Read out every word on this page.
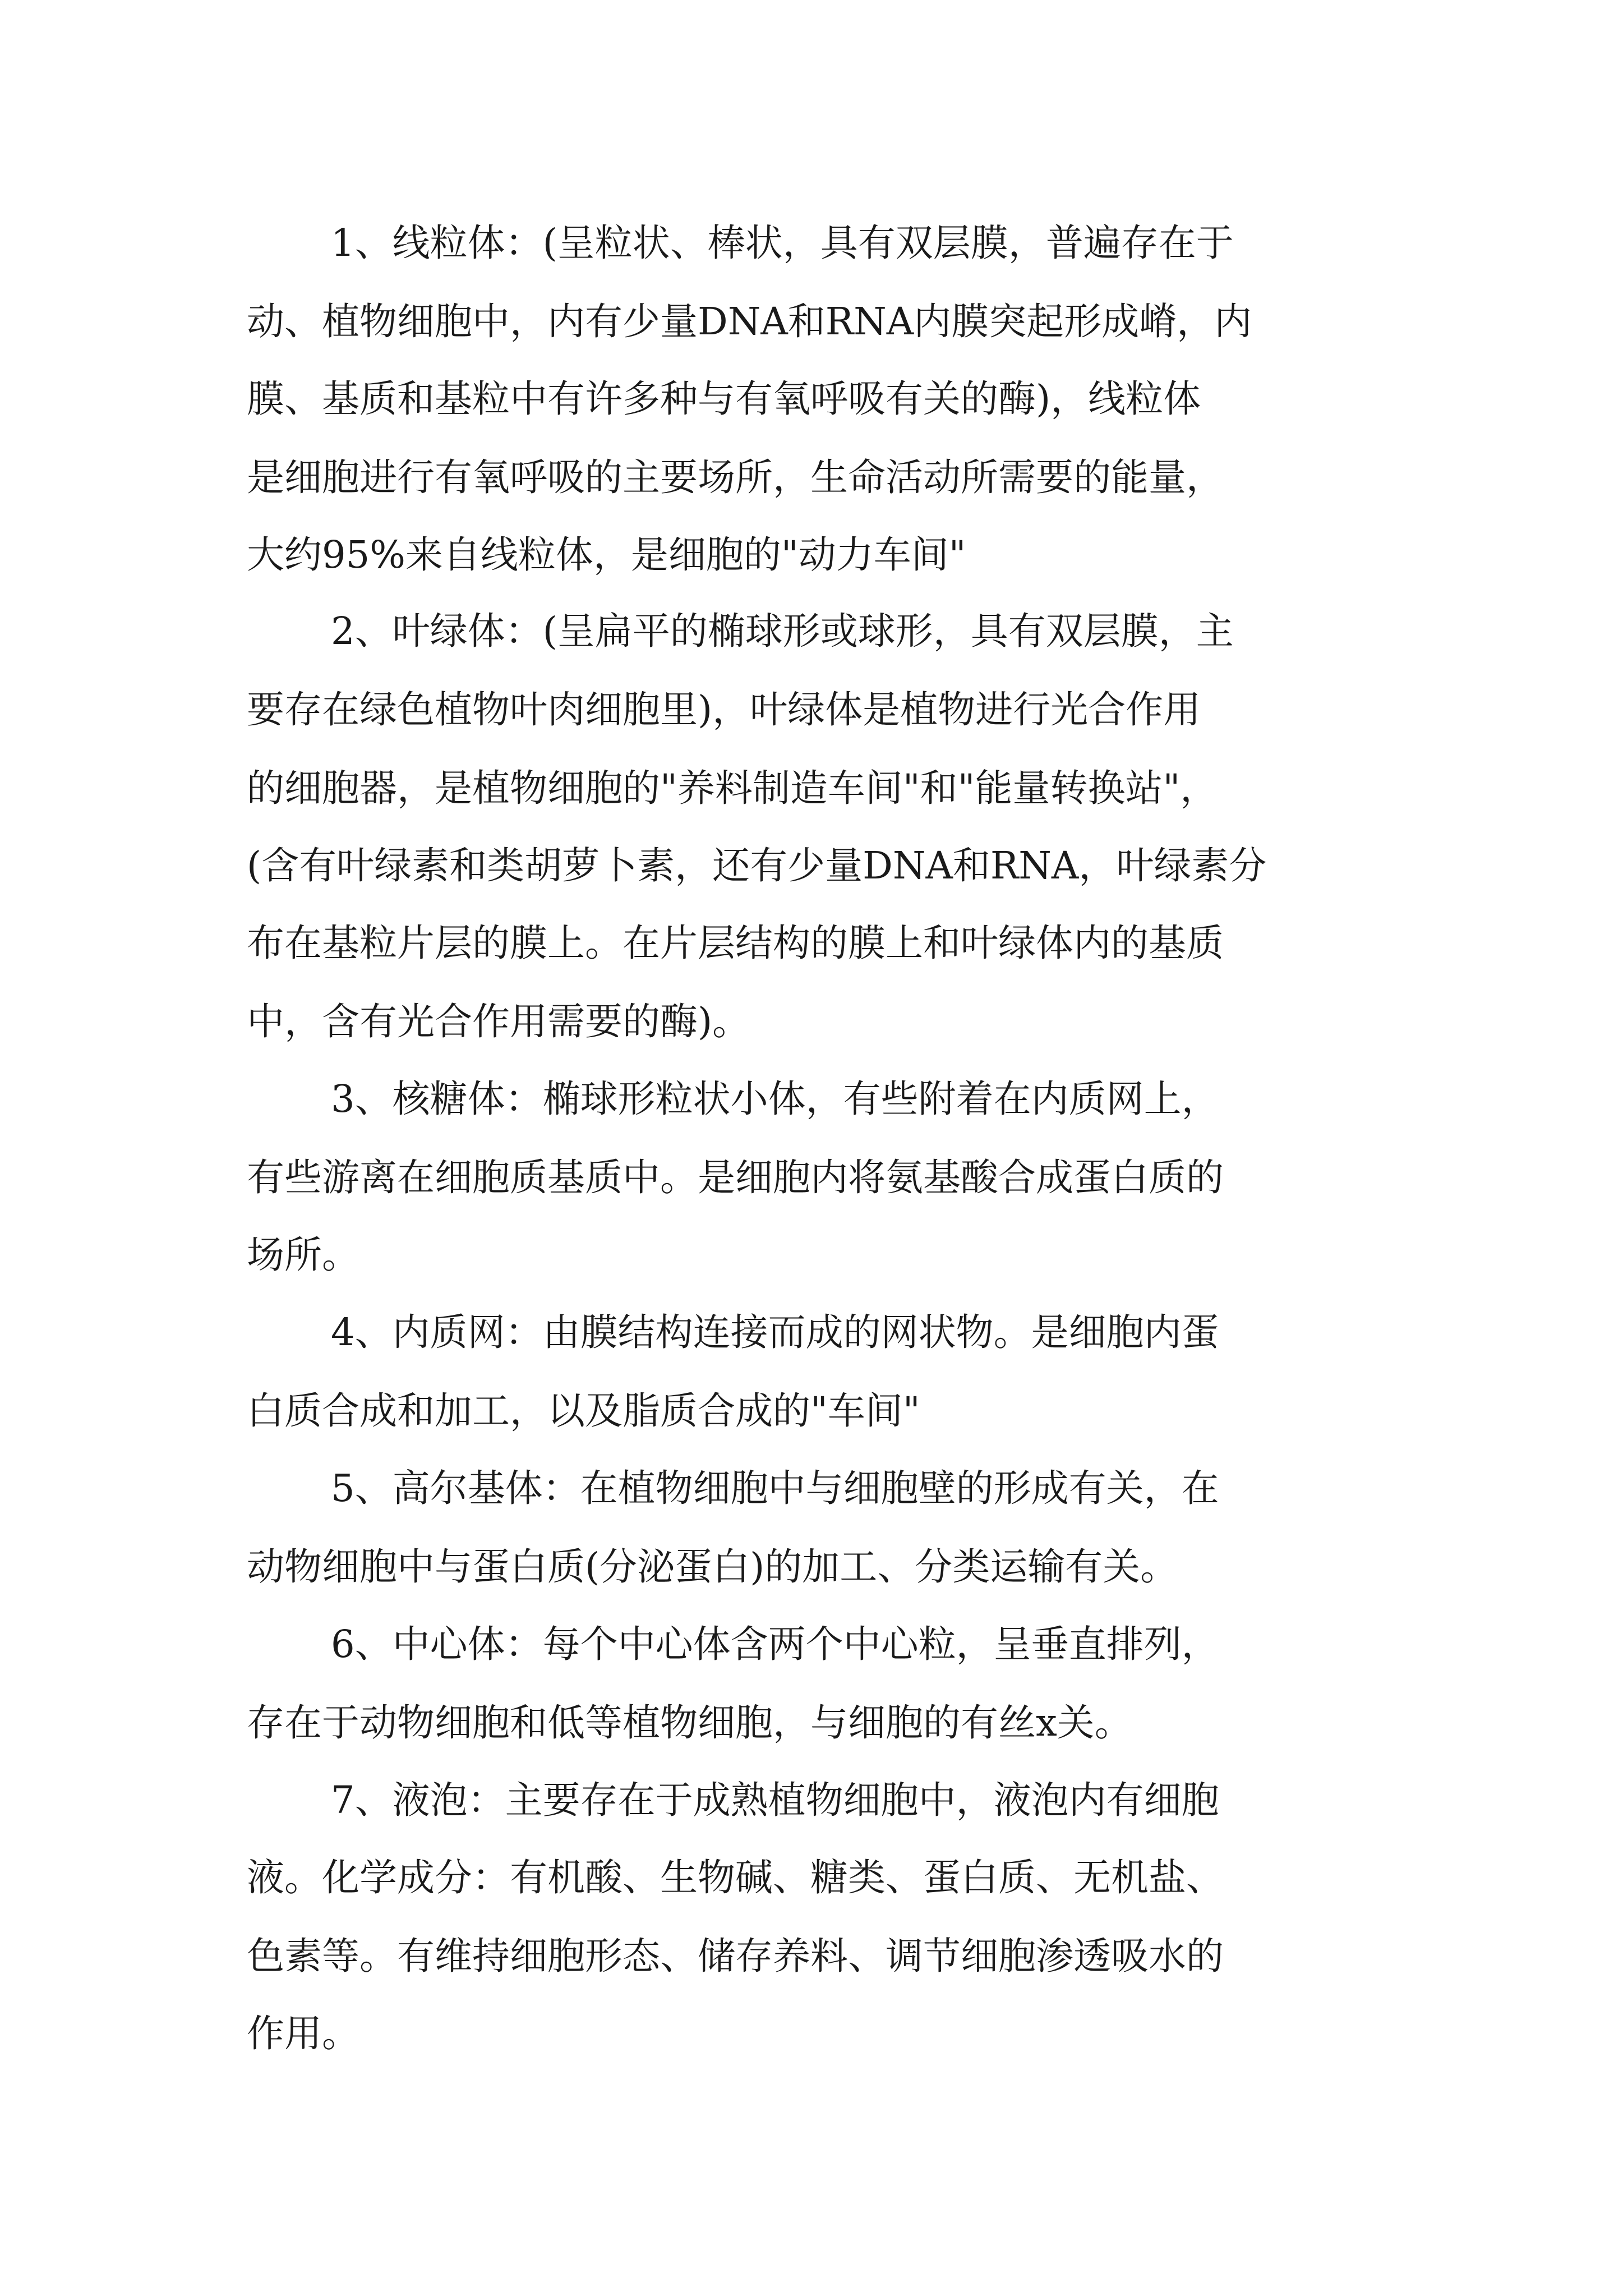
1、线粒体：(呈粒状、棒状，具有双层膜，普遍存在于
动、植物细胞中，内有少量DNA和RNA内膜突起形成嵴，内
膜、基质和基粒中有许多种与有氧呼吸有关的酶)，线粒体
是细胞进行有氧呼吸的主要场所，生命活动所需要的能量，
大约95%来自线粒体，是细胞的"动力车间"
2、叶绿体：(呈扁平的椭球形或球形，具有双层膜，主
要存在绿色植物叶肉细胞里)，叶绿体是植物进行光合作用
的细胞器，是植物细胞的"养料制造车间"和"能量转换站"，
(含有叶绿素和类胡萝卜素，还有少量DNA和RNA，叶绿素分
布在基粒片层的膜上。在片层结构的膜上和叶绿体内的基质
中，含有光合作用需要的酶)。
3、核糖体：椭球形粒状小体，有些附着在内质网上，
有些游离在细胞质基质中。是细胞内将氨基酸合成蛋白质的
场所。
4、内质网：由膜结构连接而成的网状物。是细胞内蛋
白质合成和加工，以及脂质合成的"车间"
5、高尔基体：在植物细胞中与细胞壁的形成有关，在
动物细胞中与蛋白质(分泌蛋白)的加工、分类运输有关。
6、中心体：每个中心体含两个中心粒，呈垂直排列，
存在于动物细胞和低等植物细胞，与细胞的有丝x关。
7、液泡：主要存在于成熟植物细胞中，液泡内有细胞
液。化学成分：有机酸、生物碱、糖类、蛋白质、无机盐、
色素等。有维持细胞形态、储存养料、调节细胞渗透吸水的
作用。
